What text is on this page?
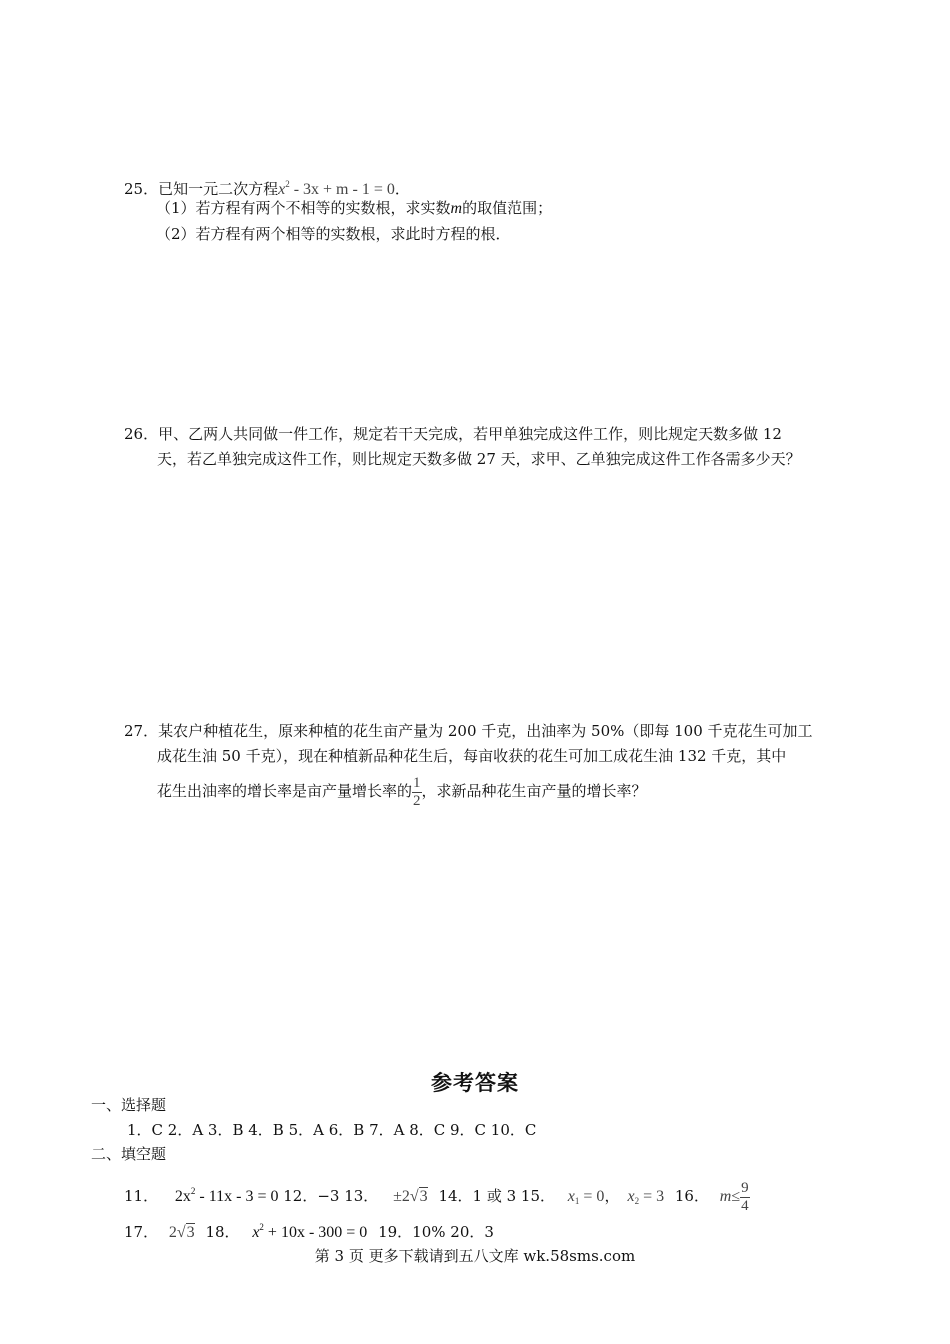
25．已知一元二次方程$x^2 - 3x + m - 1 = 0$．
（1）若方程有两个不相等的实数根，求实数m的取值范围；
（2）若方程有两个相等的实数根，求此时方程的根．
26．甲、乙两人共同做一件工作，规定若干天完成，若甲单独完成这件工作，则比规定天数多做 12
天，若乙单独完成这件工作，则比规定天数多做 27 天，求甲、乙单独完成这件工作各需多少天？
27．某农户种植花生，原来种植的花生亩产量为 200 千克，出油率为 50%（即每 100 千克花生可加工
成花生油 50 千克），现在种植新品种花生后，每亩收获的花生可加工成花生油 132 千克，其中
花生出油率的增长率是亩产量增长率的 $\frac{1}{2}$ ，求新品种花生亩产量的增长率？
参考答案
一、选择题
1．C 2．A 3．B 4．B 5．A 6．B 7．A 8．C 9．C 10．C
二、填空题
11． $2x^2 - 11x - 3 = 0$ 12．−3 13． ±2√3 14．1 或 3 15． $x_1 = 0$， $x_2 = 3$ 16． $m\le \frac{9}{4}$
17． 2√3 18． $x^2 + 10x - 300 = 0$ 19．10% 20．3
第 3 页 更多下载请到五八文库 wk.58sms.com
